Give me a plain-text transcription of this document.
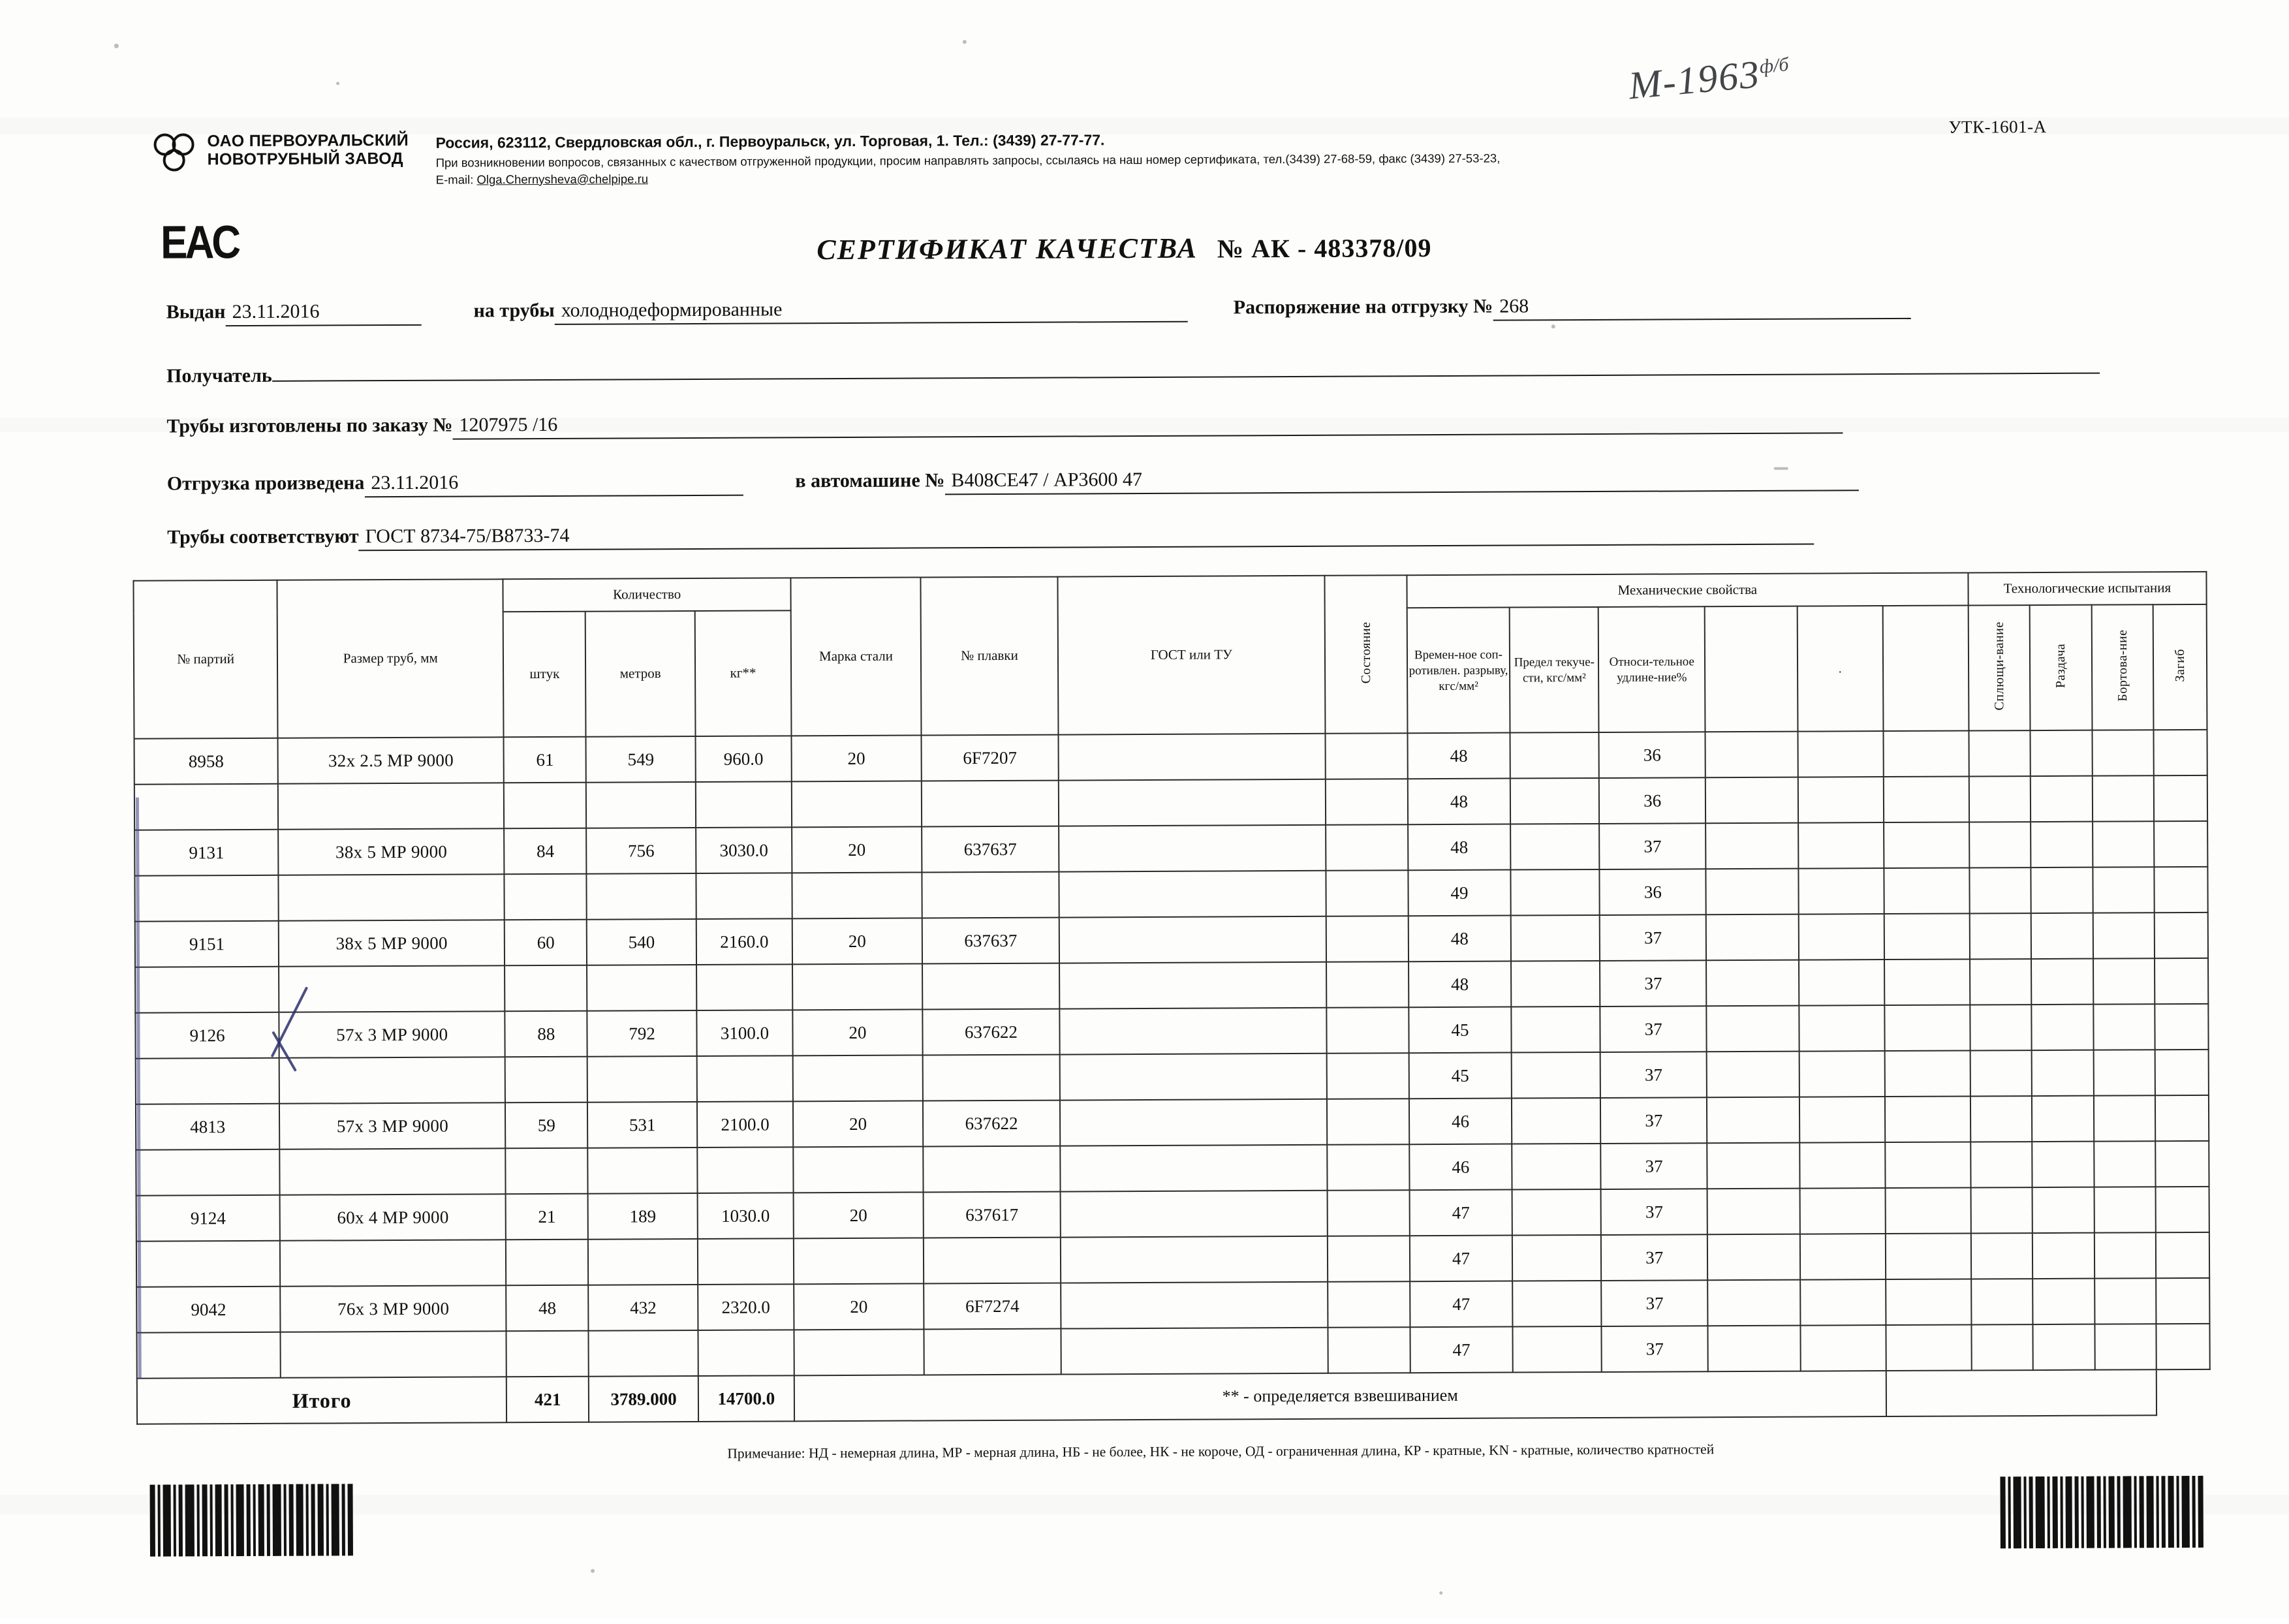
$М-1963^{ф/б}$
УТК-1601-А
ОАО ПЕРВОУРАЛЬСКИЙ
НОВОТРУБНЫЙ ЗАВОД
ЕAC
Россия, 623112, Свердловская обл., г. Первоуральск, ул. Торговая, 1. Тел.: (3439) 27-77-77.
При возникновении вопросов, связанных с качеством отгруженной продукции, просим направлять запросы, ссылаясь на наш номер сертификата, тел.(3439) 27-68-59, факс (3439) 27-53-23,
E-mail: Olga.Chernysheva@chelpipe.ru
СЕРТИФИКАТ КАЧЕСТВА № АК - 483378/09
Выдан 23.11.2016	на трубы холоднодеформированные	Распоряжение на отгрузку № 268
Получатель
Трубы изготовлены по заказу № 1207975 /16
Отгрузка произведена 23.11.2016	в автомашине № В408СЕ47 / АР3600 47
Трубы соответствуют ГОСТ 8734-75/В8733-74
№ партий	Размер труб, мм	Количество			Марка стали	№ плавки	ГОСТ или ТУ	Состояние	Механические свойства						Технологические испытания			
		штук	метров	кг**					Времен-ное соп-ротивлен. разрыву, кгс/мм²	Предел текуче-сти, кгс/мм²	Относи-тельное удлине-ние%		.		Сплющи-вание	Раздача	Бортова-ние	Загиб
8958	32х 2.5 МР 9000	61	549	960.0	20	6F7207			48		36							
									48		36							
9131	38х 5 МР 9000	84	756	3030.0	20	637637			48		37							
									49		36							
9151	38х 5 МР 9000	60	540	2160.0	20	637637			48		37							
									48		37							
9126	57х 3 МР 9000	88	792	3100.0	20	637622			45		37							
									45		37							
4813	57х 3 МР 9000	59	531	2100.0	20	637622			46		37							
									46		37							
9124	60х 4 МР 9000	21	189	1030.0	20	637617			47		37							
									47		37							
9042	76х 3 МР 9000	48	432	2320.0	20	6F7274			47		37							
									47		37							
Итого		421	3789.000	14700.0	** - определяется взвешиванием													
Примечание: НД - немерная длина, МР - мерная длина, НБ - не более, НК - не короче, ОД - ограниченная длина, КР - кратные, KN - кратные, количество кратностей
